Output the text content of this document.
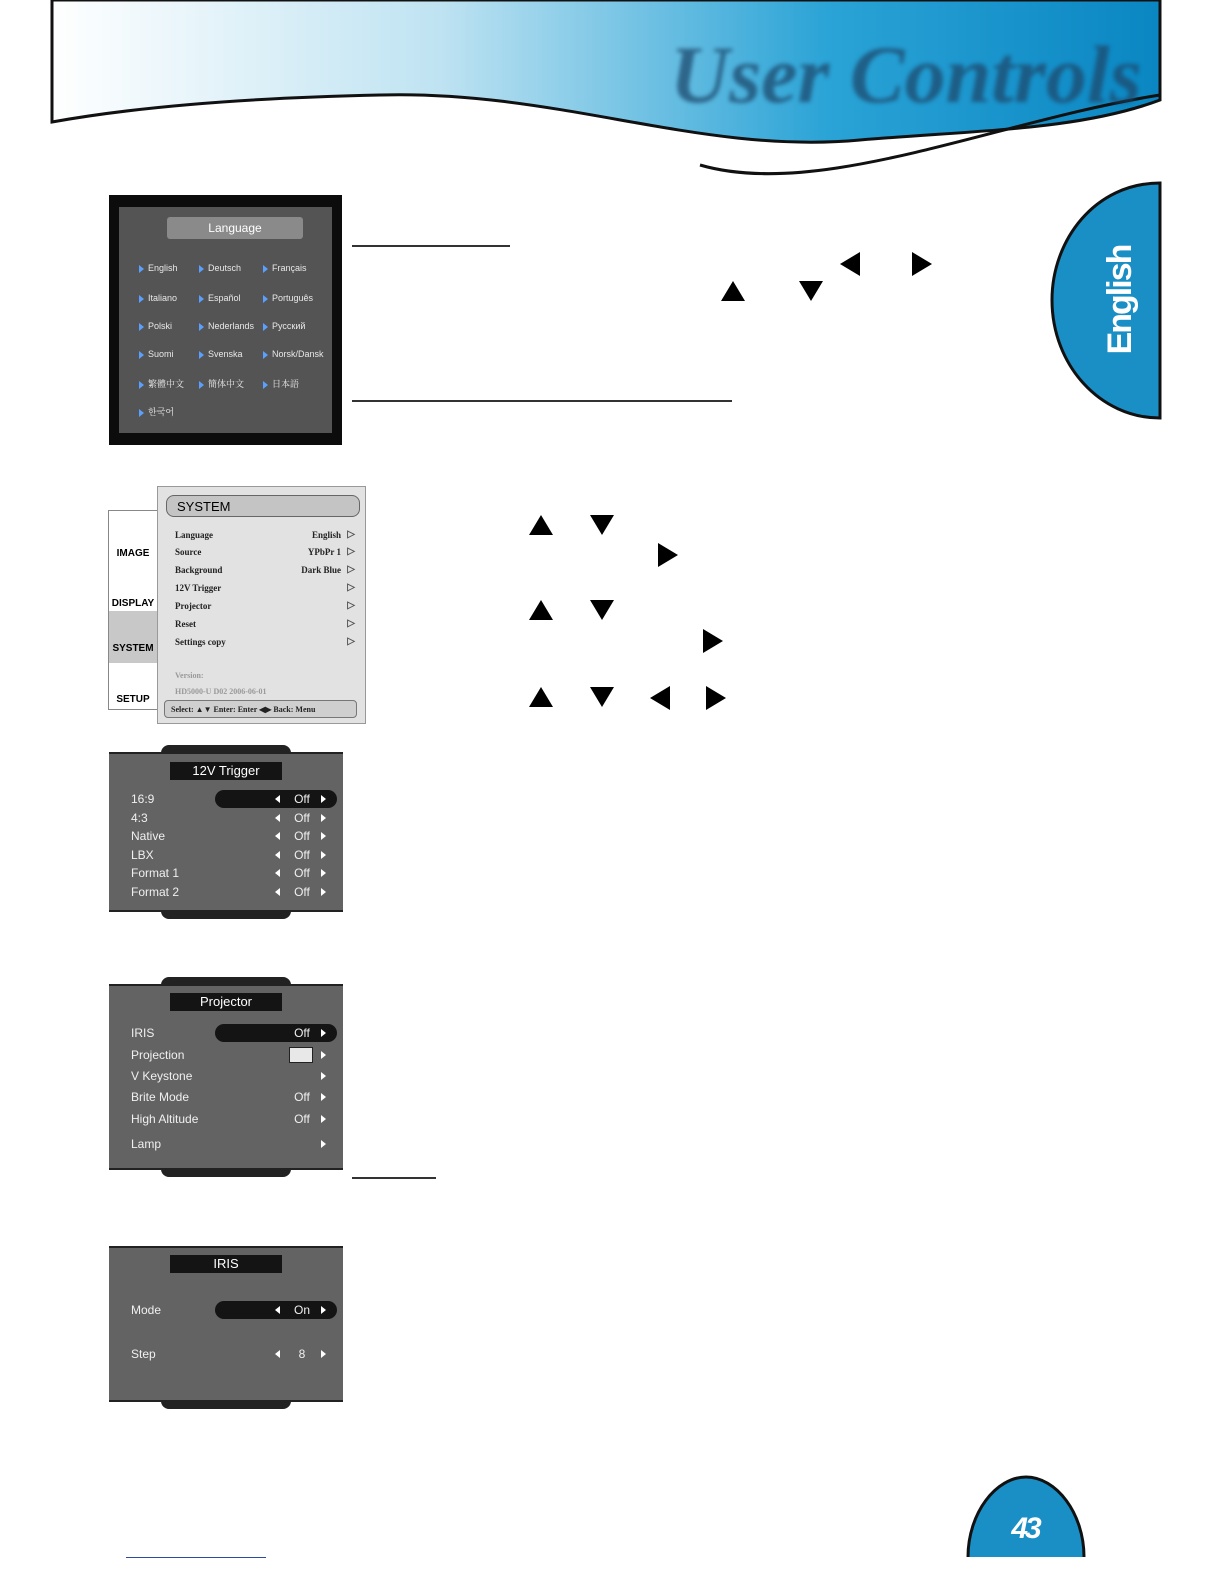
User Controls
English
Language
English	Deutsch	Français
Italiano	Español	Português
Polski	Nederlands	Русский
Suomi	Svenska	Norsk/Dansk
繁體中文	簡体中文	日本語
한국어
IMAGE
DISPLAY
SYSTEM
SETUP
SYSTEM
Language	English ▷
Source	YPbPr 1 ▷
Background	Dark Blue ▷
12V Trigger	▷
Projector	▷
Reset	▷
Settings copy	▷
Version:
HD5000-U D02 2006-06-01
Select: ▲▼ Enter: Enter ◀▶ Back: Menu
12V Trigger
16:9	Off
4:3	Off
Native	Off
LBX	Off
Format 1	Off
Format 2	Off
Projector
IRIS	Off
Projection
V Keystone
Brite Mode	Off
High Altitude	Off
Lamp
IRIS
Mode	On
Step	8
43
